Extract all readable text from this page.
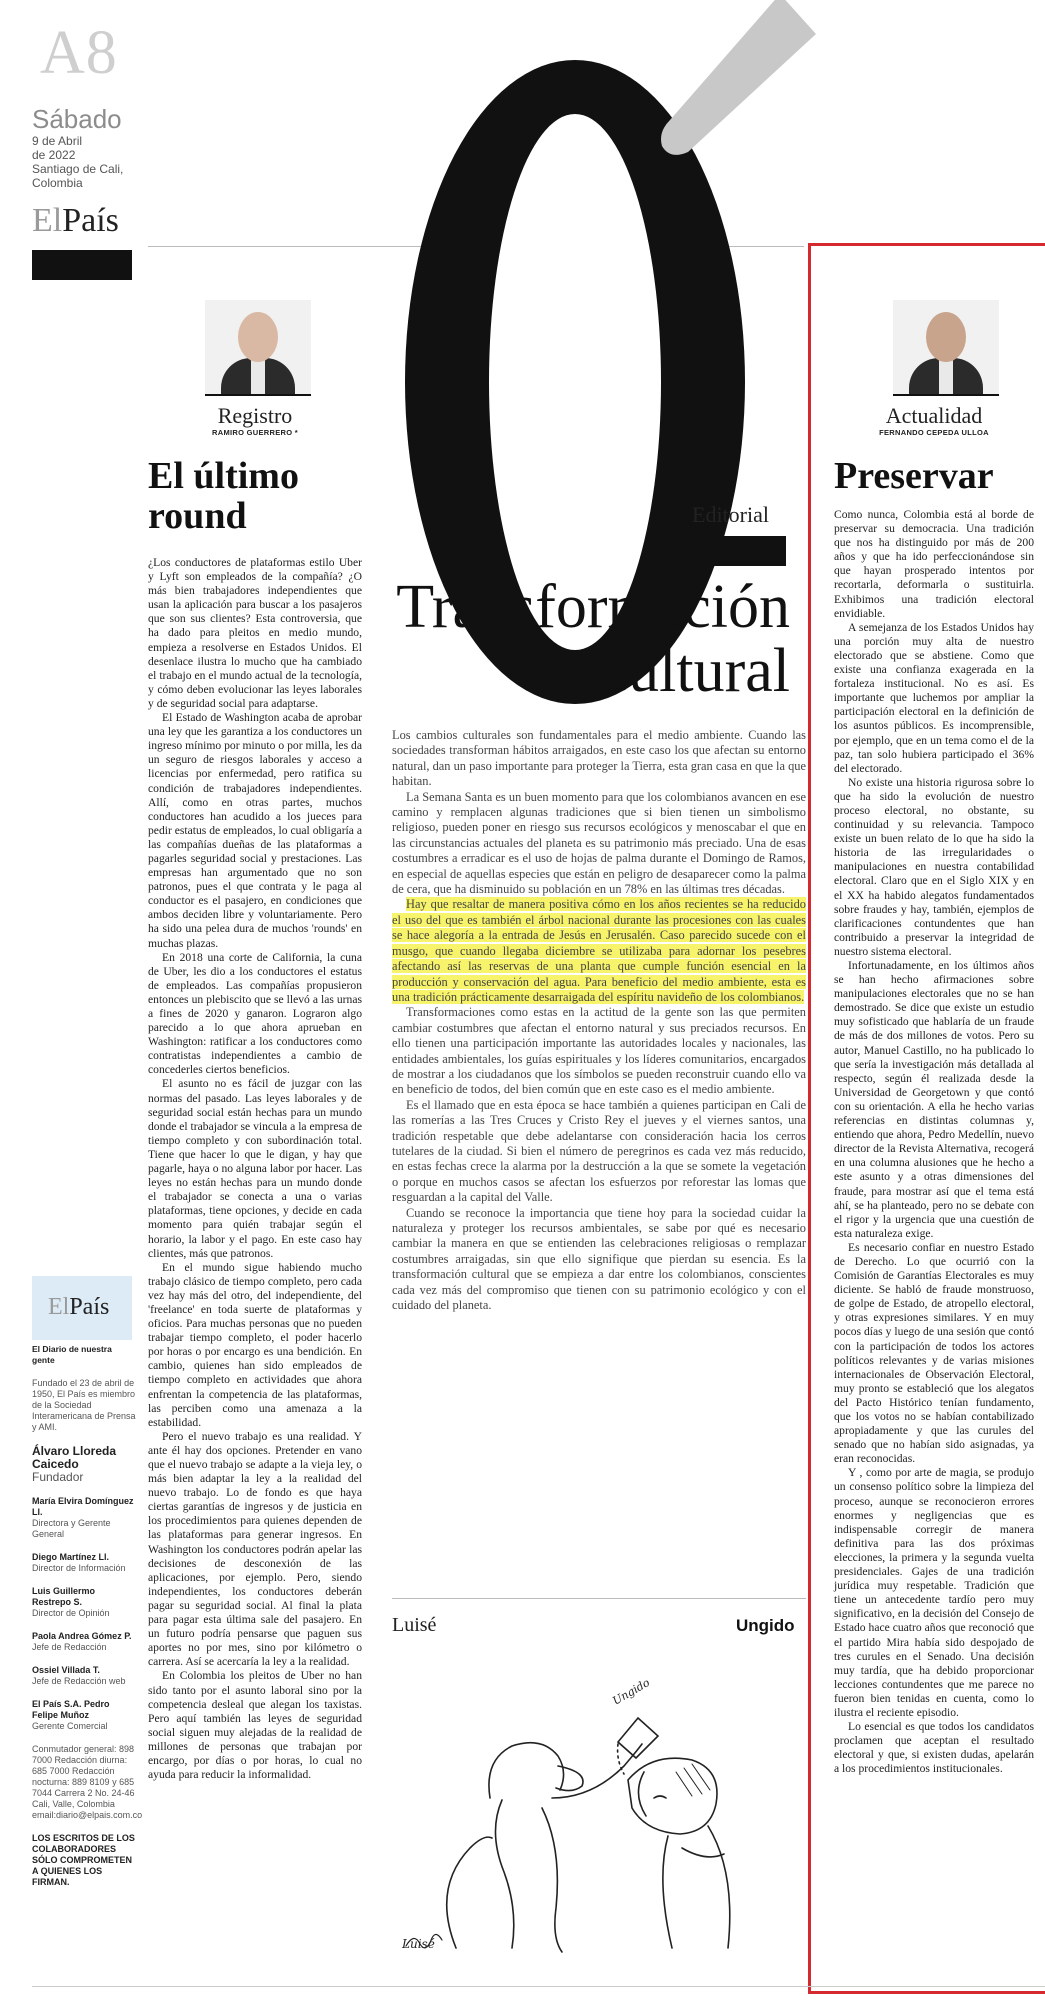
A8
Sábado
9 de Abril
de 2022
Santiago de Cali,
Colombia
ElPaís
ElPaís
El Diario de nuestra gente
Fundado el 23 de abril de 1950, El País es miembro de la Sociedad Interamericana de Prensa y AMI.
Álvaro Lloreda Caicedo
Fundador
María Elvira Domínguez Ll.
Directora y Gerente General
Diego Martínez Ll.
Director de Información
Luis Guillermo Restrepo S.
Director de Opinión
Paola Andrea Gómez P.
Jefe de Redacción
Ossiel Villada T.
Jefe de Redacción web
El País S.A. Pedro Felipe Muñoz
Gerente Comercial
Conmutador general: 898 7000 Redacción diurna: 685 7000 Redacción nocturna: 889 8109 y 685 7044 Carrera 2 No. 24-46 Cali, Valle, Colombia email:diario@elpais.com.co
LOS ESCRITOS DE LOS COLABORADORES SÓLO COMPROMETEN A QUIENES LOS FIRMAN.
Registro
RAMIRO GUERRERO *
El último
round

¿Los conductores de plataformas estilo Uber y Lyft son empleados de la compañía? ¿O más bien trabajadores independientes que usan la aplicación para buscar a los pasajeros que son sus clientes? Esta controversia, que ha dado para pleitos en medio mundo, empieza a resolverse en Estados Unidos. El desenlace ilustra lo mucho que ha cambiado el trabajo en el mundo actual de la tecnología, y cómo deben evolucionar las leyes laborales y de seguridad social para adaptarse.

El Estado de Washington acaba de aprobar una ley que les garantiza a los conductores un ingreso mínimo por minuto o por milla, les da un seguro de riesgos laborales y acceso a licencias por enfermedad, pero ratifica su condición de trabajadores independientes. Allí, como en otras partes, muchos conductores han acudido a los jueces para pedir estatus de empleados, lo cual obligaría a las compañías dueñas de las plataformas a pagarles seguridad social y prestaciones. Las empresas han argumentado que no son patronos, pues el que contrata y le paga al conductor es el pasajero, en condiciones que ambos deciden libre y voluntariamente. Pero ha sido una pelea dura de muchos 'rounds' en muchas plazas.

En 2018 una corte de California, la cuna de Uber, les dio a los conductores el estatus de empleados. Las compañías propusieron entonces un plebiscito que se llevó a las urnas a fines de 2020 y ganaron. Lograron algo parecido a lo que ahora aprueban en Washington: ratificar a los conductores como contratistas independientes a cambio de concederles ciertos beneficios.

El asunto no es fácil de juzgar con las normas del pasado. Las leyes laborales y de seguridad social están hechas para un mundo donde el trabajador se vincula a la empresa de tiempo completo y con subordinación total. Tiene que hacer lo que le digan, y hay que pagarle, haya o no alguna labor por hacer. Las leyes no están hechas para un mundo donde el trabajador se conecta a una o varias plataformas, tiene opciones, y decide en cada momento para quién trabajar según el horario, la labor y el pago. En este caso hay clientes, más que patronos.

En el mundo sigue habiendo mucho trabajo clásico de tiempo completo, pero cada vez hay más del otro, del independiente, del 'freelance' en toda suerte de plataformas y oficios. Para muchas personas que no pueden trabajar tiempo completo, el poder hacerlo por horas o por encargo es una bendición. En cambio, quienes han sido empleados de tiempo completo en actividades que ahora enfrentan la competencia de las plataformas, las perciben como una amenaza a la estabilidad.

Pero el nuevo trabajo es una realidad. Y ante él hay dos opciones. Pretender en vano que el nuevo trabajo se adapte a la vieja ley, o más bien adaptar la ley a la realidad del nuevo trabajo. Lo de fondo es que haya ciertas garantías de ingresos y de justicia en los procedimientos para quienes dependen de las plataformas para generar ingresos. En Washington los conductores podrán apelar las decisiones de desconexión de las aplicaciones, por ejemplo. Pero, siendo independientes, los conductores deberán pagar su seguridad social. Al final la plata para pagar esta última sale del pasajero. En un futuro podría pensarse que paguen sus aportes no por mes, sino por kilómetro o carrera. Así se acercaría la ley a la realidad.

En Colombia los pleitos de Uber no han sido tanto por el asunto laboral sino por la competencia desleal que alegan los taxistas. Pero aquí también las leyes de seguridad social siguen muy alejadas de la realidad de millones de personas que trabajan por encargo, por días o por horas, lo cual no ayuda para reducir la informalidad.

Editorial
Transformación
cultural

Los cambios culturales son fundamentales para el medio ambiente. Cuando las sociedades transforman hábitos arraigados, en este caso los que afectan su entorno natural, dan un paso importante para proteger la Tierra, esta gran casa en que la que habitan.

La Semana Santa es un buen momento para que los colombianos avancen en ese camino y remplacen algunas tradiciones que si bien tienen un simbolismo religioso, pueden poner en riesgo sus recursos ecológicos y menoscabar el que en las circunstancias actuales del planeta es su patrimonio más preciado. Una de esas costumbres a erradicar es el uso de hojas de palma durante el Domingo de Ramos, en especial de aquellas especies que están en peligro de desaparecer como la palma de cera, que ha disminuido su población en un 78% en las últimas tres décadas.

Hay que resaltar de manera positiva cómo en los años recientes se ha reducido el uso del que es también el árbol nacional durante las procesiones con las cuales se hace alegoría a la entrada de Jesús en Jerusalén. Caso parecido sucede con el musgo, que cuando llegaba diciembre se utilizaba para adornar los pesebres afectando así las reservas de una planta que cumple función esencial en la producción y conservación del agua. Para beneficio del medio ambiente, esta es una tradición prácticamente desarraigada del espíritu navideño de los colombianos.

Transformaciones como estas en la actitud de la gente son las que permiten cambiar costumbres que afectan el entorno natural y sus preciados recursos. En ello tienen una participación importante las autoridades locales y nacionales, las entidades ambientales, los guías espirituales y los líderes comunitarios, encargados de mostrar a los ciudadanos que los símbolos se pueden reconstruir cuando ello va en beneficio de todos, del bien común que en este caso es el medio ambiente.

Es el llamado que en esta época se hace también a quienes participan en Cali de las romerías a las Tres Cruces y Cristo Rey el jueves y el viernes santos, una tradición respetable que debe adelantarse con consideración hacia los cerros tutelares de la ciudad. Si bien el número de peregrinos es cada vez más reducido, en estas fechas crece la alarma por la destrucción a la que se somete la vegetación o porque en muchos casos se afectan los esfuerzos por reforestar las lomas que resguardan a la capital del Valle.

Cuando se reconoce la importancia que tiene hoy para la sociedad cuidar la naturaleza y proteger los recursos ambientales, se sabe por qué es necesario cambiar la manera en que se entienden las celebraciones religiosas o remplazar costumbres arraigadas, sin que ello signifique que pierdan su esencia. Es la transformación cultural que se empieza a dar entre los colombianos, conscientes cada vez más del compromiso que tienen con su patrimonio ecológico y con el cuidado del planeta.

Luisé	Ungido
Ungido
Luisé
Actualidad
FERNANDO CEPEDA ULLOA
Preservar

Como nunca, Colombia está al borde de preservar su democracia. Una tradición que nos ha distinguido por más de 200 años y que ha ido perfeccionándose sin que hayan prosperado intentos por recortarla, deformarla o sustituirla. Exhibimos una tradición electoral envidiable.

A semejanza de los Estados Unidos hay una porción muy alta de nuestro electorado que se abstiene. Como que existe una confianza exagerada en la fortaleza institucional. No es así. Es importante que luchemos por ampliar la participación electoral en la definición de los asuntos públicos. Es incomprensible, por ejemplo, que en un tema como el de la paz, tan solo hubiera participado el 36% del electorado.

No existe una historia rigurosa sobre lo que ha sido la evolución de nuestro proceso electoral, no obstante, su continuidad y su relevancia. Tampoco existe un buen relato de lo que ha sido la historia de las irregularidades o manipulaciones en nuestra contabilidad electoral. Claro que en el Siglo XIX y en el XX ha habido alegatos fundamentados sobre fraudes y hay, también, ejemplos de clarificaciones contundentes que han contribuido a preservar la integridad de nuestro sistema electoral.

Infortunadamente, en los últimos años se han hecho afirmaciones sobre manipulaciones electorales que no se han demostrado. Se dice que existe un estudio muy sofisticado que hablaría de un fraude de más de dos millones de votos. Pero su autor, Manuel Castillo, no ha publicado lo que sería la investigación más detallada al respecto, según él realizada desde la Universidad de Georgetown y que contó con su orientación. A ella he hecho varias referencias en distintas columnas y, entiendo que ahora, Pedro Medellín, nuevo director de la Revista Alternativa, recogerá en una columna alusiones que he hecho a este asunto y a otras dimensiones del fraude, para mostrar así que el tema está ahí, se ha planteado, pero no se debate con el rigor y la urgencia que una cuestión de esta naturaleza exige.

Es necesario confiar en nuestro Estado de Derecho. Lo que ocurrió con la Comisión de Garantías Electorales es muy diciente. Se habló de fraude monstruoso, de golpe de Estado, de atropello electoral, y otras expresiones similares. Y en muy pocos días y luego de una sesión que contó con la participación de todos los actores políticos relevantes y de varias misiones internacionales de Observación Electoral, muy pronto se estableció que los alegatos del Pacto Histórico tenían fundamento, que los votos no se habían contabilizado apropiadamente y que las curules del senado que no habían sido asignadas, ya eran reconocidas.

Y , como por arte de magia, se produjo un consenso político sobre la limpieza del proceso, aunque se reconocieron errores enormes y negligencias que es indispensable corregir de manera definitiva para las dos próximas elecciones, la primera y la segunda vuelta presidenciales. Gajes de una tradición jurídica muy respetable. Tradición que tiene un antecedente tardío pero muy significativo, en la decisión del Consejo de Estado hace cuatro años que reconoció que el partido Mira había sido despojado de tres curules en el Senado. Una decisión muy tardía, que ha debido proporcionar lecciones contundentes que me parece no fueron bien tenidas en cuenta, como lo ilustra el reciente episodio.

Lo esencial es que todos los candidatos proclamen que aceptan el resultado electoral y que, si existen dudas, apelarán a los procedimientos institucionales.
